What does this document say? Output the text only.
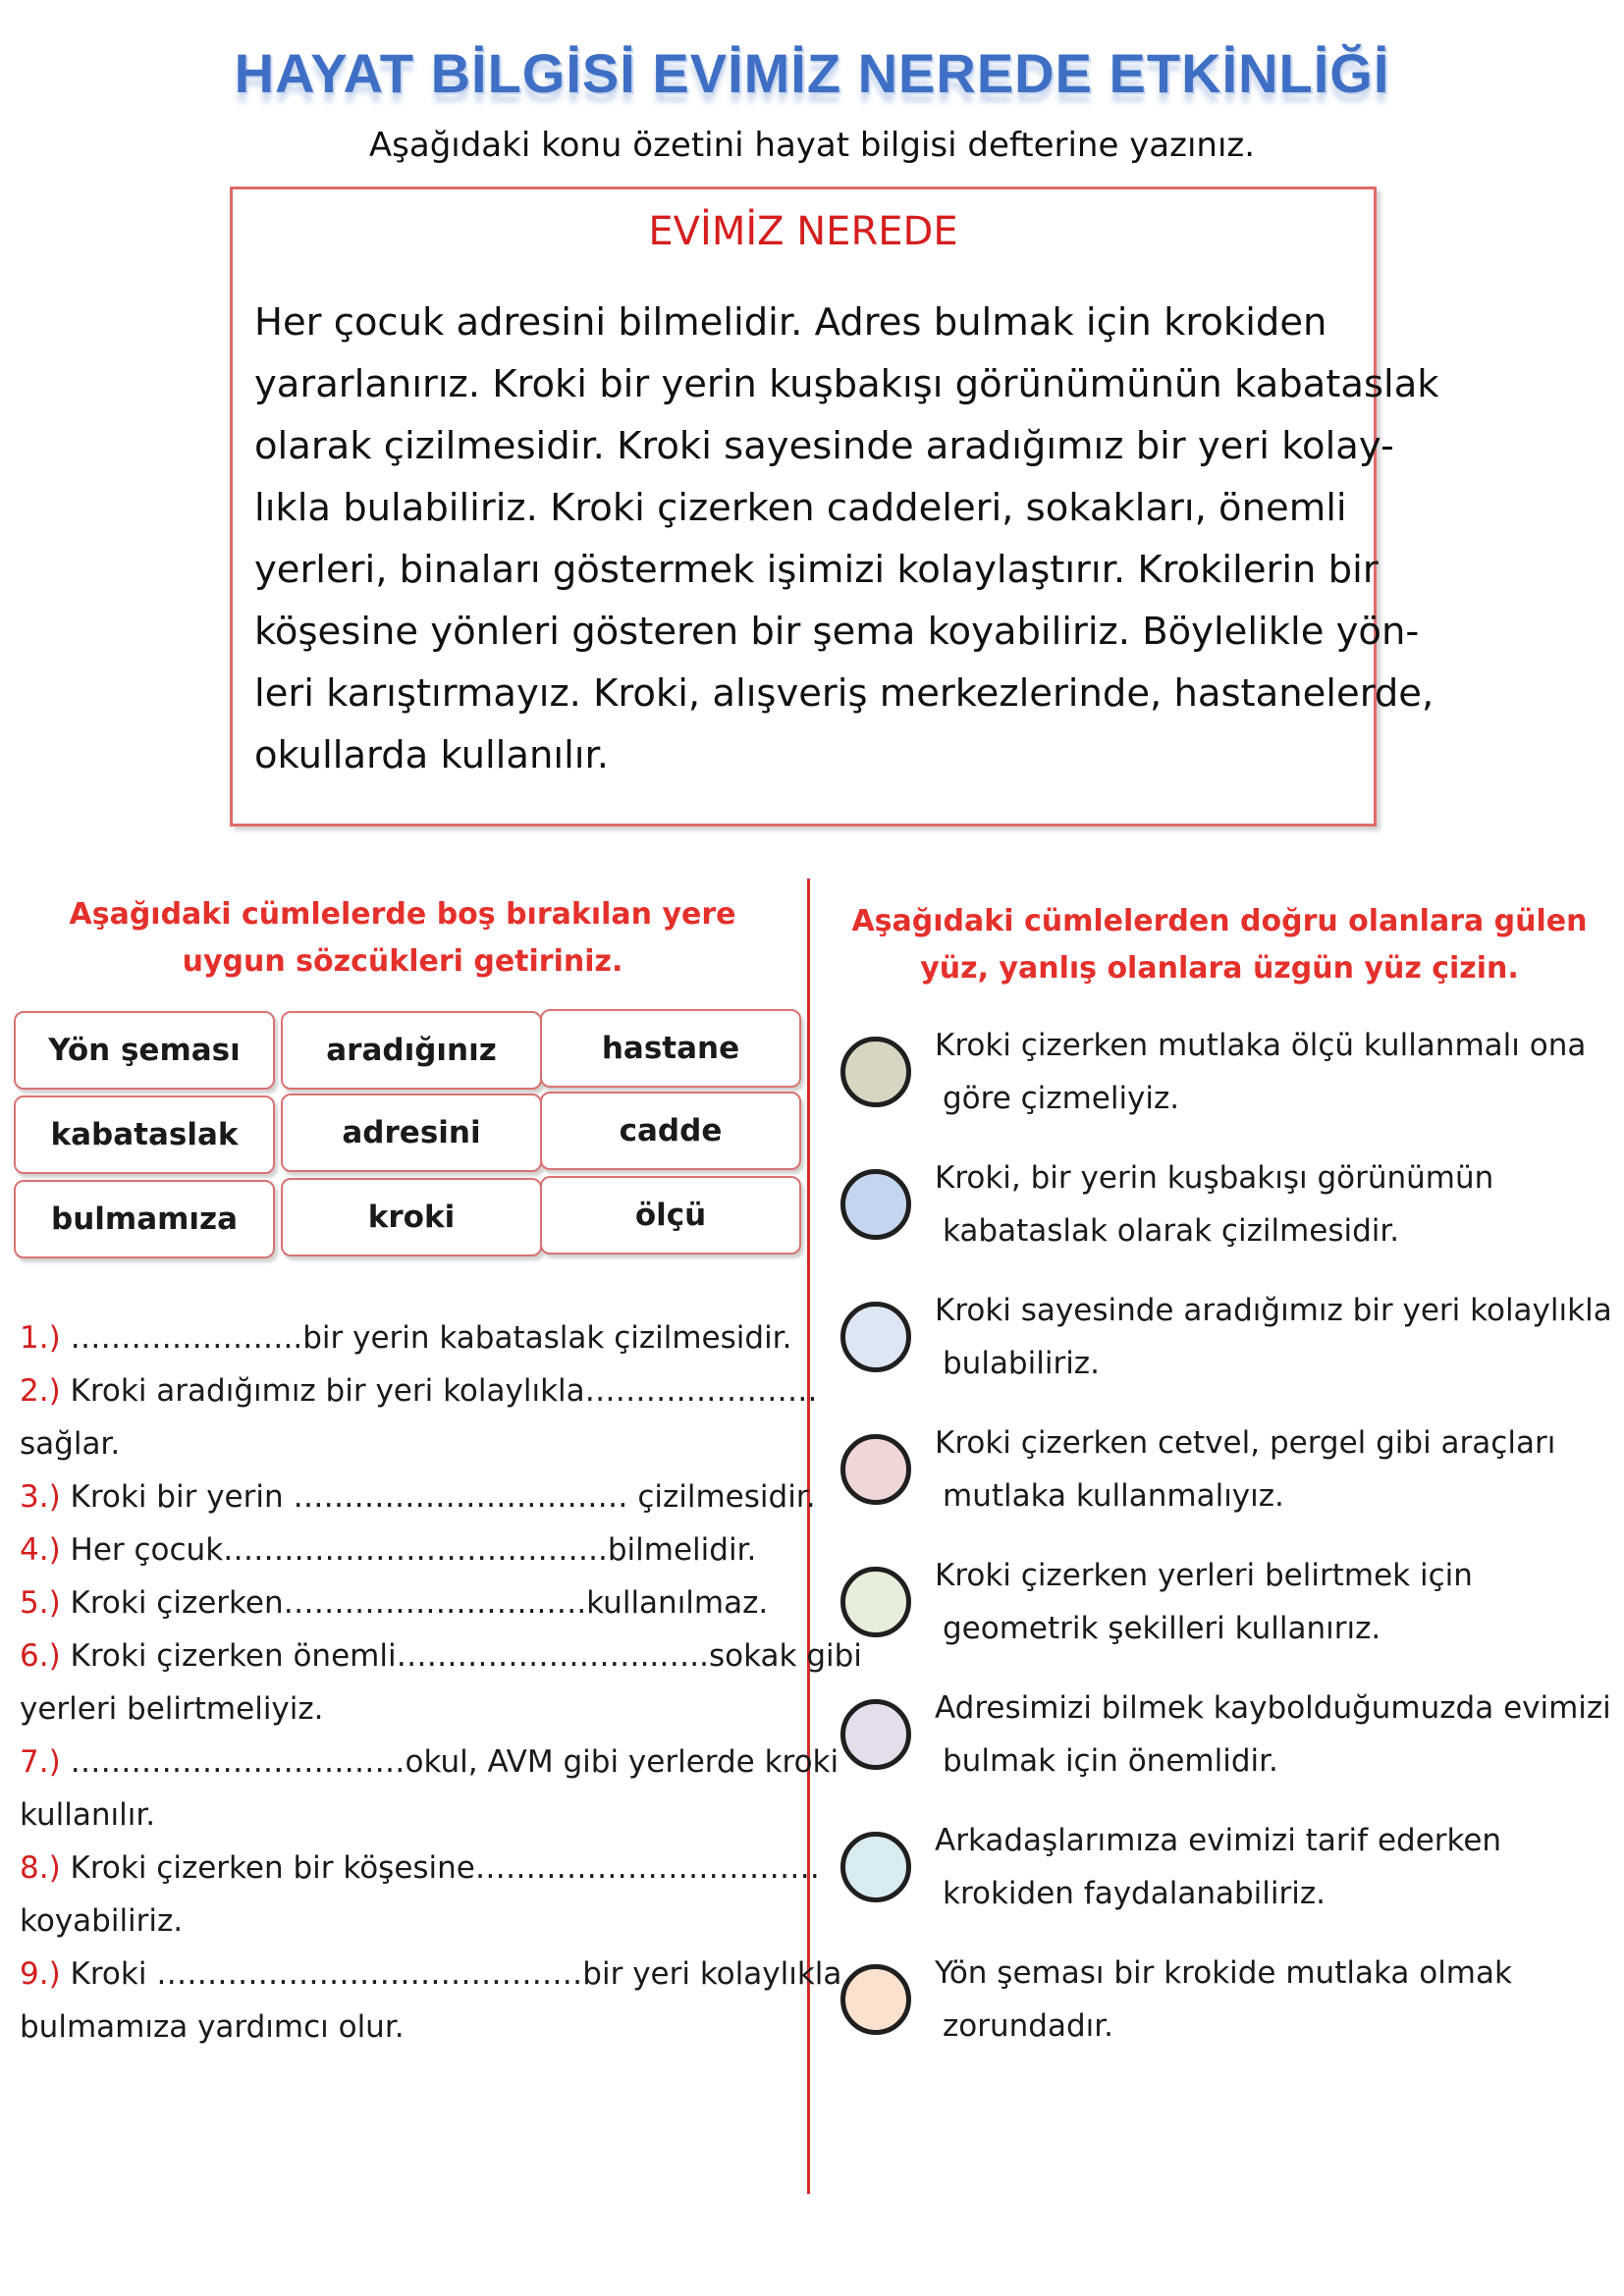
HAYAT BİLGİSİ EVİMİZ NEREDE ETKİNLİĞİ
Aşağıdaki konu özetini hayat bilgisi defterine yazınız.
EVİMİZ NEREDE
Her çocuk adresini bilmelidir. Adres bulmak için krokiden
yararlanırız. Kroki bir yerin kuşbakışı görünümünün kabataslak
olarak çizilmesidir. Kroki sayesinde aradığımız bir yeri kolay-
lıkla bulabiliriz. Kroki çizerken caddeleri, sokakları, önemli
yerleri, binaları göstermek işimizi kolaylaştırır. Krokilerin bir
köşesine yönleri gösteren bir şema koyabiliriz. Böylelikle yön-
leri karıştırmayız. Kroki, alışveriş merkezlerinde, hastanelerde,
okullarda kullanılır.
Aşağıdaki cümlelerde boş bırakılan yere
uygun sözcükleri getiriniz.
Yön şeması	aradığınız	hastane
kabataslak	adresini	cadde
bulmamıza	kroki	ölçü
1.) …………………..bir yerin kabataslak çizilmesidir.
2.) Kroki aradığımız bir yeri kolaylıkla……….………….
sağlar.
3.) Kroki bir yerin …………………………… çizilmesidir.
4.) Her çocuk………………………………..bilmelidir.
5.) Kroki çizerken……………………..….kullanılmaz.
6.) Kroki çizerken önemli……………………..…..sokak gibi
yerleri belirtmeliyiz.
7.) ……………………………okul, AVM gibi yerlerde kroki
kullanılır.
8.) Kroki çizerken bir köşesine…………………………….
koyabiliriz.
9.) Kroki ……………………………………bir yeri kolaylıkla
bulmamıza yardımcı olur.
Aşağıdaki cümlelerden doğru olanlara gülen
yüz, yanlış olanlara üzgün yüz çizin.
Kroki çizerken mutlaka ölçü kullanmalı ona
göre çizmeliyiz.
Kroki, bir yerin kuşbakışı görünümün
kabataslak olarak çizilmesidir.
Kroki sayesinde aradığımız bir yeri kolaylıkla
bulabiliriz.
Kroki çizerken cetvel, pergel gibi araçları
mutlaka kullanmalıyız.
Kroki çizerken yerleri belirtmek için
geometrik şekilleri kullanırız.
Adresimizi bilmek kaybolduğumuzda evimizi
bulmak için önemlidir.
Arkadaşlarımıza evimizi tarif ederken
krokiden faydalanabiliriz.
Yön şeması bir krokide mutlaka olmak
zorundadır.
